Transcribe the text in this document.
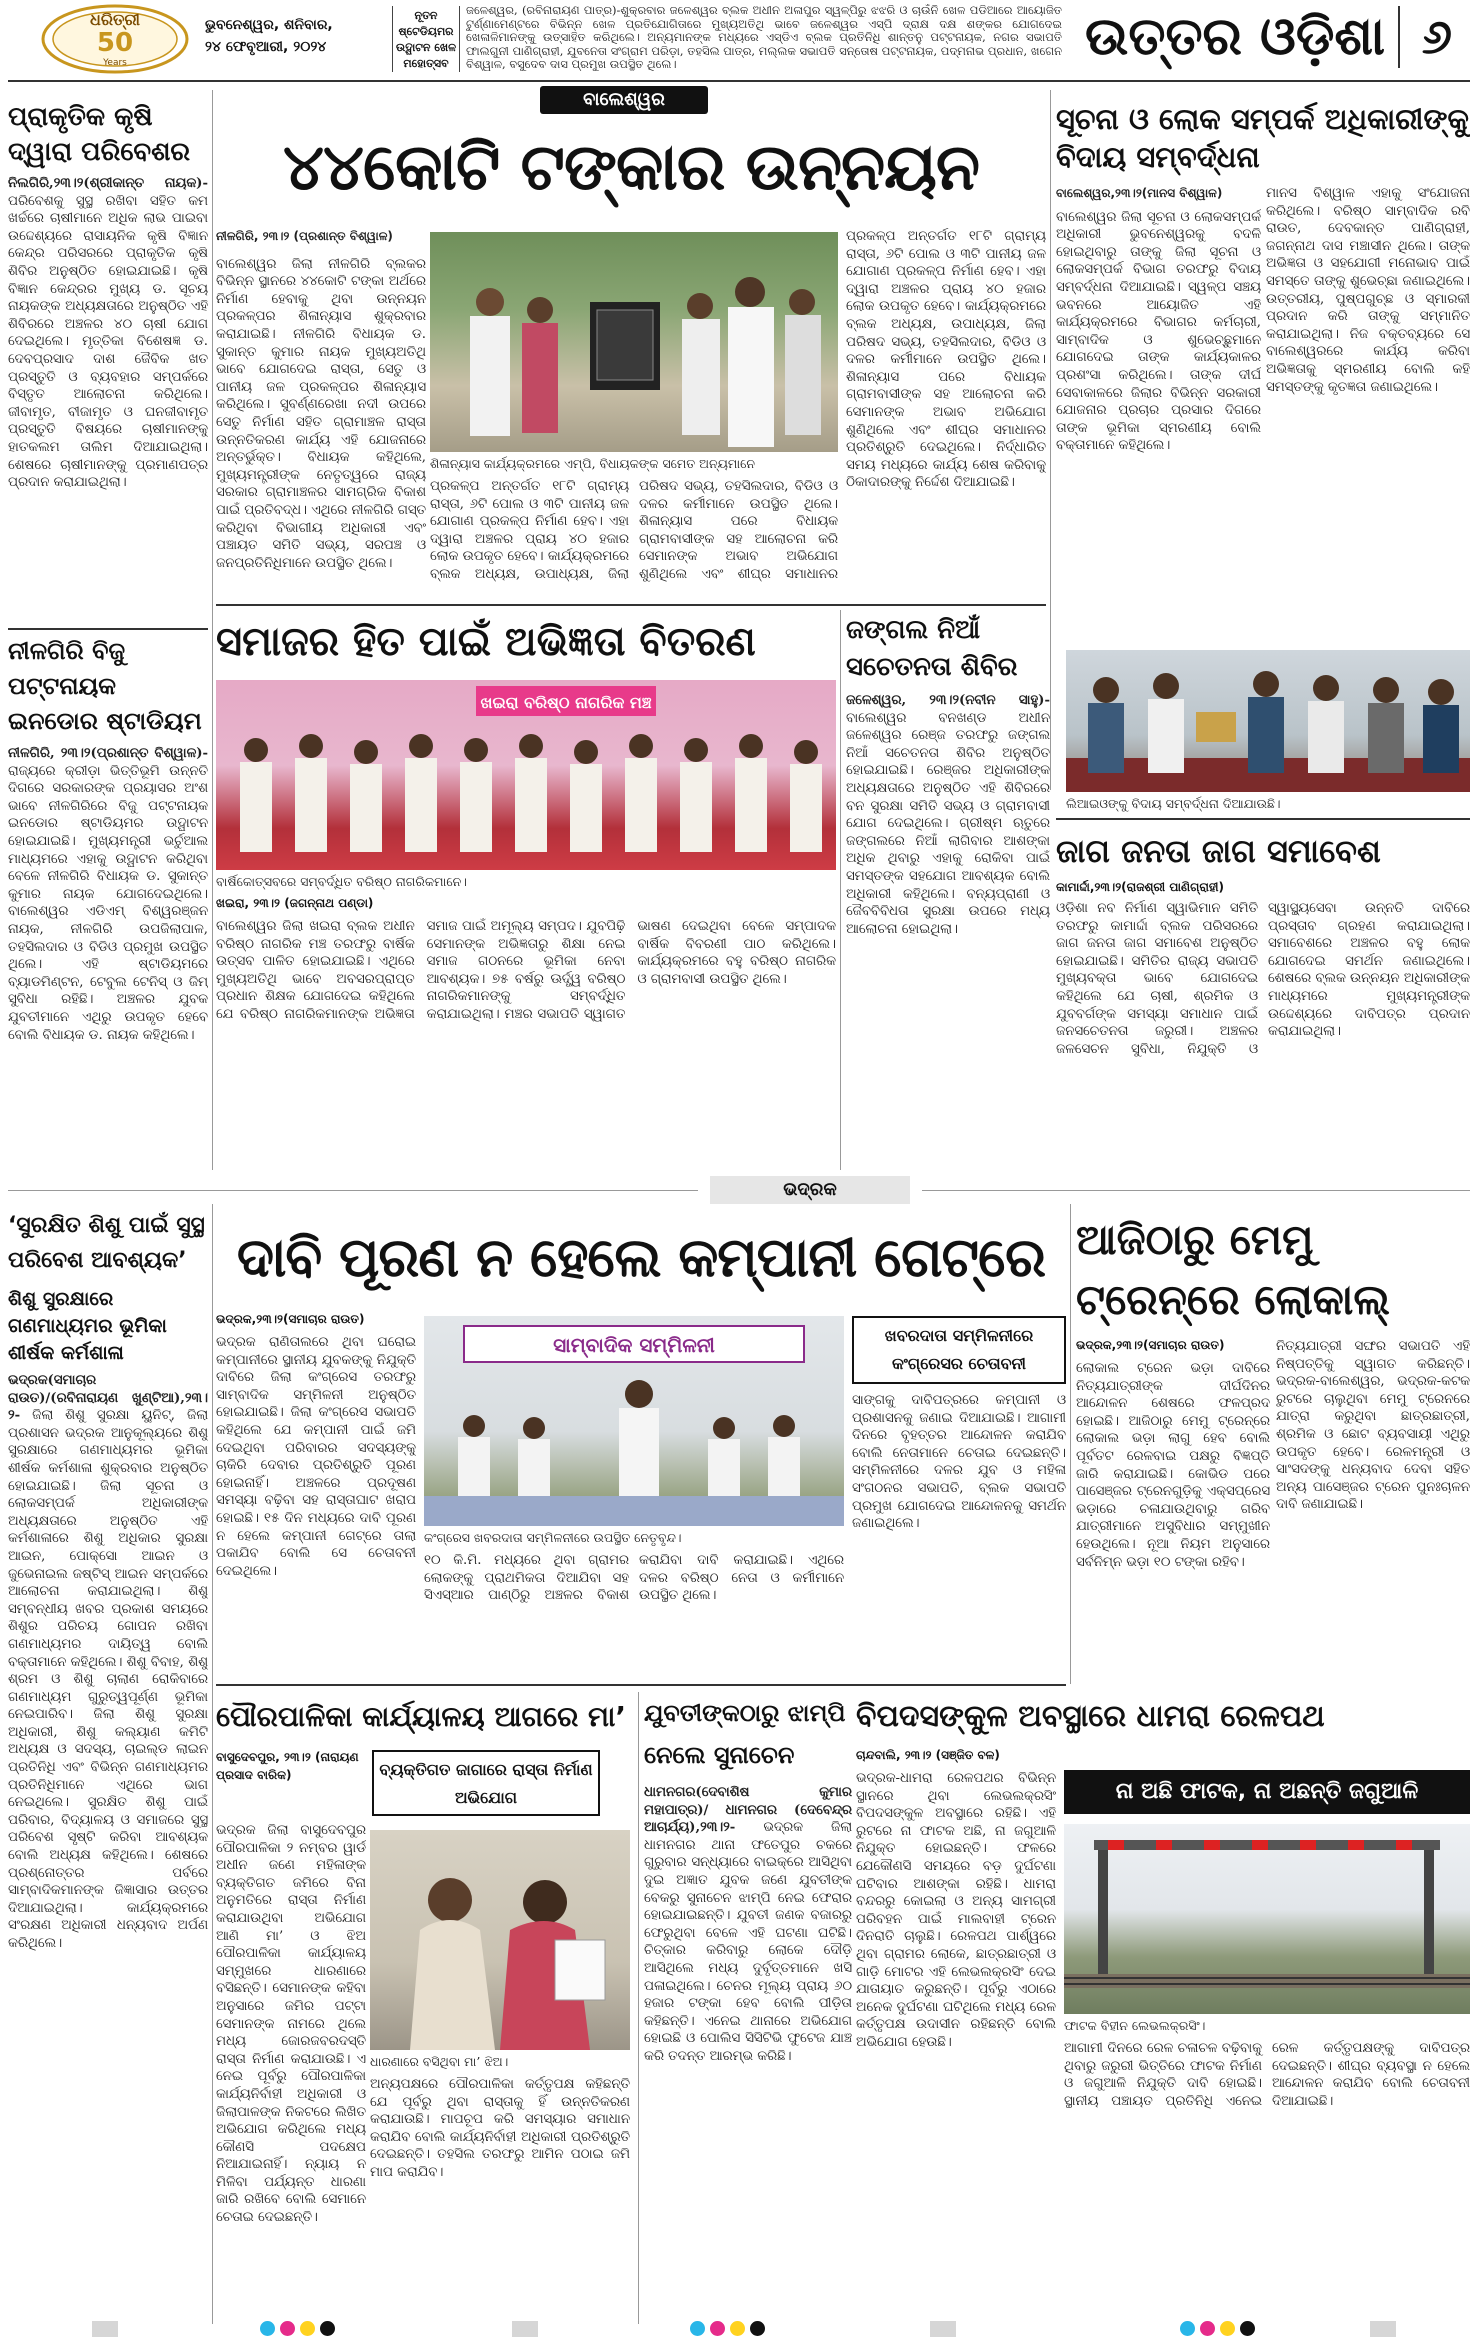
ଧରିତ୍ରୀ
50
Years
ଭୁବନେଶ୍ୱର, ଶନିବାର,
୨୪ ଫେବୃଆରୀ, ୨୦୨୪
ନୂତନ ଷ୍ଟେଡିୟମର ଉଦ୍ଘାଟନ ଖେଳ ମହୋତ୍ସବ
ଜଳେଶ୍ୱର, (ରବିନାରାୟଣ ପାତ୍ର)-ଶୁକ୍ରବାର ଜଳେଶ୍ୱର ବ୍ଲକ ଅଧୀନ ଅଳାପୁର ସ୍ୱଳ୍ପିରୁ ଝଝରି ଓ ଚାଉଁନି ଖେଳ ପଡିଆରେ ଆୟୋଜିତ ଟୁର୍ଣ୍ଣାମେଣ୍ଟରେ ବିଭିନ୍ନ ଖେଳ ପ୍ରତିଯୋଗିତାରେ ମୁଖ୍ୟଅତିଥି ଭାବେ ଜଳେଶ୍ୱର ଏସ୍‌ପି ଦ୍ରାକ୍ଷ ଦକ୍ଷ ଶଙ୍କର ଯୋଗଦେଇ ଖେଳାଳିମାନଙ୍କୁ ଉତ୍ସାହିତ କରିଥିଲେ। ଅନ୍ୟମାନଙ୍କ ମଧ୍ୟରେ ଏସ୍‌ଡିଏ ବ୍ଲକ ପ୍ରତିନିଧି ଶାନ୍ତନୁ ପଟ୍ଟନାୟକ, ନଗର ସଭାପତି ଫାଲଗୁନୀ ପାଣିଗ୍ରାହୀ, ଯୁବନେତା ସଂଗ୍ରାମ ପରିଡ଼ା, ତହସିଲ ପାତ୍ର, ମଲ୍ଲକ ସଭାପତି ସନ୍ତୋଷ ପଟ୍ଟନାୟକ, ପଦ୍ମନାଭ ପ୍ରଧାନ, ଖଗେନ ବିଶ୍ୱାଳ, ବସୁଦେବ ଦାସ ପ୍ରମୁଖ ଉପସ୍ଥିତ ଥିଲେ।	ଉତ୍ତର ଓଡ଼ିଶା ୬
ବାଲେଶ୍ୱର
ପ୍ରାକୃତିକ କୃଷି ଦ୍ୱାରା ପରିବେଶର
ନିଲଗିରି,୨୩।୨(ଶ୍ରୀକାନ୍ତ ନାୟକ)- ପରିବେଶକୁ ସୁସ୍ଥ ରଖିବା ସହିତ କମ ଖର୍ଚ୍ଚରେ ଚାଷୀମାନେ ଅଧିକ ଲାଭ ପାଇବା ଉଦ୍ଦେଶ୍ୟରେ ରାସାୟନିକ କୃଷି ବିଜ୍ଞାନ କେନ୍ଦ୍ର ପରିସରରେ ପ୍ରାକୃତିକ କୃଷି ଶିବିର ଅନୁଷ୍ଠିତ ହୋଇଯାଇଛି। କୃଷି ବିଜ୍ଞାନ କେନ୍ଦ୍ରର ମୁଖ୍ୟ ଡ. ସୂଚୟ ନାୟକଙ୍କ ଅଧ୍ୟକ୍ଷତାରେ ଅନୁଷ୍ଠିତ ଏହି ଶିବିରରେ ଅଞ୍ଚଳର ୪୦ ଚାଷୀ ଯୋଗ ଦେଇଥିଲେ। ମୃତ୍ତିକା ବିଶେଷଜ୍ଞ ଡ. ଦେବପ୍ରସାଦ ଦାଶ ଜୈବିକ ଖତ ପ୍ରସ୍ତୁତି ଓ ବ୍ୟବହାର ସମ୍ପର୍କରେ ବିସ୍ତୃତ ଆଲୋଚନା କରିଥିଲେ। ଜୀବାମୃତ, ବୀଜାମୃତ ଓ ଘନଜୀବାମୃତ ପ୍ରସ୍ତୁତି ବିଷୟରେ ଚାଷୀମାନଙ୍କୁ ହାତକଲମ ତାଲିମ ଦିଆଯାଇଥିଲା। ଶେଷରେ ଚାଷୀମାନଙ୍କୁ ପ୍ରମାଣପତ୍ର ପ୍ରଦାନ କରାଯାଇଥିଲା।
ନୀଳଗିରି ବିଜୁ ପଟ୍ଟନାୟକ ଇନଡୋର ଷ୍ଟାଡିୟମ
ନୀଳଗିରି, ୨୩।୨(ପ୍ରଶାନ୍ତ ବିଶ୍ୱାଳ)- ରାଜ୍ୟରେ କ୍ରୀଡ଼ା ଭିତ୍ତିଭୂମି ଉନ୍ନତି ଦିଗରେ ସରକାରଙ୍କ ପ୍ରୟାସର ଅଂଶ ଭାବେ ନୀଳଗିରିରେ ବିଜୁ ପଟ୍ଟନାୟକ ଇନଡୋର ଷ୍ଟାଡିୟମର ଉଦ୍ଘାଟନ ହୋଇଯାଇଛି। ମୁଖ୍ୟମନ୍ତ୍ରୀ ଭର୍ଚୁଆଲ ମାଧ୍ୟମରେ ଏହାକୁ ଉଦ୍ଘାଟନ କରିଥିବା ବେଳେ ନୀଳଗିରି ବିଧାୟକ ଡ. ସୁକାନ୍ତ କୁମାର ନାୟକ ଯୋଗଦେଇଥିଲେ। ବାଲେଶ୍ୱର ଏଡିଏମ୍ ବିଶ୍ୱରଞ୍ଜନ ନାୟକ, ନୀଳଗିରି ଉପଜିଲାପାଳ, ତହସିଲଦାର ଓ ବିଡିଓ ପ୍ରମୁଖ ଉପସ୍ଥିତ ଥିଲେ। ଏହି ଷ୍ଟାଡିୟମରେ ବ୍ୟାଡମିଣ୍ଟନ, ଟେବୁଲ ଟେନିସ୍ ଓ ଜିମ୍ ସୁବିଧା ରହିଛି। ଅଞ୍ଚଳର ଯୁବକ ଯୁବତୀମାନେ ଏଥିରୁ ଉପକୃତ ହେବେ ବୋଲି ବିଧାୟକ ଡ. ନାୟକ କହିଥିଲେ।
୪୪କୋଟି ଟଙ୍କାର ଉନ୍ନୟନ
ନୀଳଗିରି, ୨୩।୨ (ପ୍ରଶାନ୍ତ ବିଶ୍ୱାଳ)
ବାଲେଶ୍ୱର ଜିଲା ନୀଳଗିରି ବ୍ଲକର ବିଭିନ୍ନ ସ୍ଥାନରେ ୪୪କୋଟି ଟଙ୍କା ଅର୍ଥରେ ନିର୍ମାଣ ହେବାକୁ ଥିବା ଉନ୍ନୟନ ପ୍ରକଳ୍ପର ଶିଳାନ୍ୟାସ ଶୁକ୍ରବାର କରାଯାଇଛି। ନୀଳଗିରି ବିଧାୟକ ଡ. ସୁକାନ୍ତ କୁମାର ନାୟକ ମୁଖ୍ୟଅତିଥି ଭାବେ ଯୋଗଦେଇ ରାସ୍ତା, ସେତୁ ଓ ପାନୀୟ ଜଳ ପ୍ରକଳ୍ପର ଶିଳାନ୍ୟାସ କରିଥିଲେ। ସୁବର୍ଣ୍ଣରେଖା ନଦୀ ଉପରେ ସେତୁ ନିର୍ମାଣ ସହିତ ଗ୍ରାମାଞ୍ଚଳ ରାସ୍ତା ଉନ୍ନତିକରଣ କାର୍ଯ୍ୟ ଏହି ଯୋଜନାରେ ଅନ୍ତର୍ଭୁକ୍ତ। ବିଧାୟକ କହିଥିଲେ, ମୁଖ୍ୟମନ୍ତ୍ରୀଙ୍କ ନେତୃତ୍ୱରେ ରାଜ୍ୟ ସରକାର ଗ୍ରାମାଞ୍ଚଳର ସାମଗ୍ରିକ ବିକାଶ ପାଇଁ ପ୍ରତିବଦ୍ଧ। ଏଥିରେ ନୀଳଗିରି ଗସ୍ତ କରିଥିବା ବିଭାଗୀୟ ଅଧିକାରୀ ଏବଂ ପଞ୍ଚାୟତ ସମିତି ସଭ୍ୟ, ସରପଞ୍ଚ ଓ ଜନପ୍ରତିନିଧିମାନେ ଉପସ୍ଥିତ ଥିଲେ।
ଶିଳାନ୍ୟାସ କାର୍ଯ୍ୟକ୍ରମରେ ଏମ୍‌ପି, ବିଧାୟକଙ୍କ ସମେତ ଅନ୍ୟମାନେ
ପ୍ରକଳ୍ପ ଅନ୍ତର୍ଗତ ୧୮ଟି ଗ୍ରାମ୍ୟ ରାସ୍ତା, ୬ଟି ପୋଲ ଓ ୩ଟି ପାନୀୟ ଜଳ ଯୋଗାଣ ପ୍ରକଳ୍ପ ନିର୍ମାଣ ହେବ। ଏହା ଦ୍ୱାରା ଅଞ୍ଚଳର ପ୍ରାୟ ୪୦ ହଜାର ଲୋକ ଉପକୃତ ହେବେ। କାର୍ଯ୍ୟକ୍ରମରେ ବ୍ଲକ ଅଧ୍ୟକ୍ଷ, ଉପାଧ୍ୟକ୍ଷ, ଜିଲା ପରିଷଦ ସଭ୍ୟ, ତହସିଲଦାର, ବିଡିଓ ଓ ଦଳର କର୍ମୀମାନେ ଉପସ୍ଥିତ ଥିଲେ। ଶିଳାନ୍ୟାସ ପରେ ବିଧାୟକ ଗ୍ରାମବାସୀଙ୍କ ସହ ଆଲୋଚନା କରି ସେମାନଙ୍କ ଅଭାବ ଅଭିଯୋଗ ଶୁଣିଥିଲେ ଏବଂ ଶୀଘ୍ର ସମାଧାନର
ପ୍ରକଳ୍ପ ଅନ୍ତର୍ଗତ ୧୮ଟି ଗ୍ରାମ୍ୟ ରାସ୍ତା, ୬ଟି ପୋଲ ଓ ୩ଟି ପାନୀୟ ଜଳ ଯୋଗାଣ ପ୍ରକଳ୍ପ ନିର୍ମାଣ ହେବ। ଏହା ଦ୍ୱାରା ଅଞ୍ଚଳର ପ୍ରାୟ ୪୦ ହଜାର ଲୋକ ଉପକୃତ ହେବେ। କାର୍ଯ୍ୟକ୍ରମରେ ବ୍ଲକ ଅଧ୍ୟକ୍ଷ, ଉପାଧ୍ୟକ୍ଷ, ଜିଲା ପରିଷଦ ସଭ୍ୟ, ତହସିଲଦାର, ବିଡିଓ ଓ ଦଳର କର୍ମୀମାନେ ଉପସ୍ଥିତ ଥିଲେ। ଶିଳାନ୍ୟାସ ପରେ ବିଧାୟକ ଗ୍ରାମବାସୀଙ୍କ ସହ ଆଲୋଚନା କରି ସେମାନଙ୍କ ଅଭାବ ଅଭିଯୋଗ ଶୁଣିଥିଲେ ଏବଂ ଶୀଘ୍ର ସମାଧାନର ପ୍ରତିଶ୍ରୁତି ଦେଇଥିଲେ। ନିର୍ଦ୍ଧାରିତ ସମୟ ମଧ୍ୟରେ କାର୍ଯ୍ୟ ଶେଷ କରିବାକୁ ଠିକାଦାରଙ୍କୁ ନିର୍ଦ୍ଦେଶ ଦିଆଯାଇଛି।
ସୂଚନା ଓ ଲୋକ ସମ୍ପର୍କ ଅଧିକାରୀଙ୍କୁ ବିଦାୟ ସମ୍ବର୍ଦ୍ଧନା
ବାଲେଶ୍ୱର,୨୩।୨(ମାନସ ବିଶ୍ୱାଳ)
ବାଲେଶ୍ୱର ଜିଲା ସୂଚନା ଓ ଲୋକସମ୍ପର୍କ ଅଧିକାରୀ ଭୁବନେଶ୍ୱରକୁ ବଦଳି ହୋଇଥିବାରୁ ତାଙ୍କୁ ଜିଲା ସୂଚନା ଓ ଲୋକସମ୍ପର୍କ ବିଭାଗ ତରଫରୁ ବିଦାୟ ସମ୍ବର୍ଦ୍ଧନା ଦିଆଯାଇଛି। ସ୍ୱଳ୍ପ ସଞ୍ଚୟ ଭବନରେ ଆୟୋଜିତ ଏହି କାର୍ଯ୍ୟକ୍ରମରେ ବିଭାଗର କର୍ମଚାରୀ, ସାମ୍ବାଦିକ ଓ ଶୁଭେଚ୍ଛୁମାନେ ଯୋଗଦେଇ ତାଙ୍କ କାର୍ଯ୍ୟକାଳର ପ୍ରଶଂସା କରିଥିଲେ। ତାଙ୍କ ଦୀର୍ଘ ସେବାକାଳରେ ଜିଲାର ବିଭିନ୍ନ ସରକାରୀ ଯୋଜନାର ପ୍ରଚାର ପ୍ରସାର ଦିଗରେ ତାଙ୍କ ଭୂମିକା ସ୍ମରଣୀୟ ବୋଲି ବକ୍ତାମାନେ କହିଥିଲେ।
ମାନସ ବିଶ୍ୱାଳ ଏହାକୁ ସଂଯୋଜନା କରିଥିଲେ। ବରିଷ୍ଠ ସାମ୍ବାଦିକ ରବି ରାଉତ, ଦେବକାନ୍ତ ପାଣିଗ୍ରାହୀ, ଜଗନ୍ନାଥ ଦାସ ମଞ୍ଚାସୀନ ଥିଲେ। ତାଙ୍କ ଅଭିଜ୍ଞତା ଓ ସହଯୋଗୀ ମନୋଭାବ ପାଇଁ ସମସ୍ତେ ତାଙ୍କୁ ଶୁଭେଚ୍ଛା ଜଣାଇଥିଲେ। ଉତ୍ତରୀୟ, ପୁଷ୍ପଗୁଚ୍ଛ ଓ ସ୍ମାରକୀ ପ୍ରଦାନ କରି ତାଙ୍କୁ ସମ୍ମାନିତ କରାଯାଇଥିଲା। ନିଜ ବକ୍ତବ୍ୟରେ ସେ ବାଲେଶ୍ୱରରେ କାର୍ଯ୍ୟ କରିବା ଅଭିଜ୍ଞତାକୁ ସ୍ମରଣୀୟ ବୋଲି କହି ସମସ୍ତଙ୍କୁ କୃତଜ୍ଞତା ଜଣାଇଥିଲେ।
ଲିଆଇଓଙ୍କୁ ବିଦାୟ ସମ୍ବର୍ଦ୍ଧନା ଦିଆଯାଉଛି।
ସମାଜର ହିତ ପାଇଁ ଅଭିଜ୍ଞତା ବିତରଣ
ଖଇରା ବରିଷ୍ଠ ନାଗରିକ ମଞ୍ଚ
ବାର୍ଷିକୋତ୍ସବରେ ସମ୍ବର୍ଦ୍ଧିତ ବରିଷ୍ଠ ନାଗରିକମାନେ।
ଖଇରା, ୨୩।୨ (ଜଗନ୍ନାଥ ପଣ୍ଡା)
ବାଲେଶ୍ୱର ଜିଲା ଖଇରା ବ୍ଲକ ଅଧୀନ ବରିଷ୍ଠ ନାଗରିକ ମଞ୍ଚ ତରଫରୁ ବାର୍ଷିକ ଉତ୍ସବ ପାଳିତ ହୋଇଯାଇଛି। ଏଥିରେ ମୁଖ୍ୟଅତିଥି ଭାବେ ଅବସରପ୍ରାପ୍ତ ପ୍ରଧାନ ଶିକ୍ଷକ ଯୋଗଦେଇ କହିଥିଲେ ଯେ ବରିଷ୍ଠ ନାଗରିକମାନଙ୍କ ଅଭିଜ୍ଞତା ସମାଜ ପାଇଁ ଅମୂଲ୍ୟ ସମ୍ପଦ। ଯୁବପିଢ଼ି ସେମାନଙ୍କ ଅଭିଜ୍ଞତାରୁ ଶିକ୍ଷା ନେଇ ସମାଜ ଗଠନରେ ଭୂମିକା ନେବା ଆବଶ୍ୟକ। ୭୫ ବର୍ଷରୁ ଊର୍ଦ୍ଧ୍ୱ ବରିଷ୍ଠ ନାଗରିକମାନଙ୍କୁ ସମ୍ବର୍ଦ୍ଧିତ କରାଯାଇଥିଲା। ମଞ୍ଚର ସଭାପତି ସ୍ୱାଗତ ଭାଷଣ ଦେଇଥିବା ବେଳେ ସମ୍ପାଦକ ବାର୍ଷିକ ବିବରଣୀ ପାଠ କରିଥିଲେ। କାର୍ଯ୍ୟକ୍ରମରେ ବହୁ ବରିଷ୍ଠ ନାଗରିକ ଓ ଗ୍ରାମବାସୀ ଉପସ୍ଥିତ ଥିଲେ।
ଜଙ୍ଗଲ ନିଆଁ ସଚେତନତା ଶିବିର
ଜଳେଶ୍ୱର, ୨୩।୨(ନବୀନ ସାହୁ)- ବାଲେଶ୍ୱର ବନଖଣ୍ଡ ଅଧୀନ ଜଳେଶ୍ୱର ରେଞ୍ଜ ତରଫରୁ ଜଙ୍ଗଲ ନିଆଁ ସଚେତନତା ଶିବିର ଅନୁଷ୍ଠିତ ହୋଇଯାଇଛି। ରେଞ୍ଜର ଅଧିକାରୀଙ୍କ ଅଧ୍ୟକ୍ଷତାରେ ଅନୁଷ୍ଠିତ ଏହି ଶିବିରରେ ବନ ସୁରକ୍ଷା ସମିତି ସଭ୍ୟ ଓ ଗ୍ରାମବାସୀ ଯୋଗ ଦେଇଥିଲେ। ଗ୍ରୀଷ୍ମ ଋତୁରେ ଜଙ୍ଗଲରେ ନିଆଁ ଲାଗିବାର ଆଶଙ୍କା ଅଧିକ ଥିବାରୁ ଏହାକୁ ରୋକିବା ପାଇଁ ସମସ୍ତଙ୍କ ସହଯୋଗ ଆବଶ୍ୟକ ବୋଲି ଅଧିକାରୀ କହିଥିଲେ। ବନ୍ୟପ୍ରାଣୀ ଓ ଜୈବବିବିଧତା ସୁରକ୍ଷା ଉପରେ ମଧ୍ୟ ଆଲୋଚନା ହୋଇଥିଲା।
ଜାଗ ଜନତା ଜାଗ ସମାବେଶ
କାମାର୍ଦ୍ଦା,୨୩।୨(ରାଜଶ୍ରୀ ପାଣିଗ୍ରାହୀ)
ଓଡ଼ିଶା ନବ ନିର୍ମାଣ ସ୍ୱାଭିମାନ ସମିତି ତରଫରୁ କାମାର୍ଦ୍ଦା ବ୍ଲକ ପରିସରରେ ଜାଗ ଜନତା ଜାଗ ସମାବେଶ ଅନୁଷ୍ଠିତ ହୋଇଯାଇଛି। ସମିତିର ରାଜ୍ୟ ସଭାପତି ମୁଖ୍ୟବକ୍ତା ଭାବେ ଯୋଗଦେଇ କହିଥିଲେ ଯେ ଚାଷୀ, ଶ୍ରମିକ ଓ ଯୁବବର୍ଗଙ୍କ ସମସ୍ୟା ସମାଧାନ ପାଇଁ ଜନସଚେତନତା ଜରୁରୀ। ଅଞ୍ଚଳର ଜଳସେଚନ ସୁବିଧା, ନିଯୁକ୍ତି ଓ ସ୍ୱାସ୍ଥ୍ୟସେବା ଉନ୍ନତି ଦାବିରେ ପ୍ରସ୍ତାବ ଗ୍ରହଣ କରାଯାଇଥିଲା। ସମାବେଶରେ ଅଞ୍ଚଳର ବହୁ ଲୋକ ଯୋଗଦେଇ ସମର୍ଥନ ଜଣାଇଥିଲେ। ଶେଷରେ ବ୍ଲକ ଉନ୍ନୟନ ଅଧିକାରୀଙ୍କ ମାଧ୍ୟମରେ ମୁଖ୍ୟମନ୍ତ୍ରୀଙ୍କ ଉଦ୍ଦେଶ୍ୟରେ ଦାବିପତ୍ର ପ୍ରଦାନ କରାଯାଇଥିଲା।
ଭଦ୍ରକ
‘ସୁରକ୍ଷିତ ଶିଶୁ ପାଇଁ ସୁସ୍ଥ ପରିବେଶ ଆବଶ୍ୟକ’
ଶିଶୁ ସୁରକ୍ଷାରେ ଗଣମାଧ୍ୟମର ଭୂମିକା ଶୀର୍ଷକ କର୍ମଶାଳା
ଭଦ୍ରକ(ସମାଚାର ରାଉତ)/(ରବିନାରାୟଣ ଖୁଣ୍ଟିଆ),୨୩।୨- ଜିଲା ଶିଶୁ ସୁରକ୍ଷା ୟୁନିଟ୍, ଜିଲା ପ୍ରଶାସନ ଭଦ୍ରକ ଆନୁକୂଲ୍ୟରେ ଶିଶୁ ସୁରକ୍ଷାରେ ଗଣମାଧ୍ୟମର ଭୂମିକା ଶୀର୍ଷକ କର୍ମଶାଳା ଶୁକ୍ରବାର ଅନୁଷ୍ଠିତ ହୋଇଯାଇଛି। ଜିଲା ସୂଚନା ଓ ଲୋକସମ୍ପର୍କ ଅଧିକାରୀଙ୍କ ଅଧ୍ୟକ୍ଷତାରେ ଅନୁଷ୍ଠିତ ଏହି କର୍ମଶାଳାରେ ଶିଶୁ ଅଧିକାର ସୁରକ୍ଷା ଆଇନ, ପୋକ୍ସୋ ଆଇନ ଓ ଜୁଭେନାଇଲ ଜଷ୍ଟିସ୍ ଆଇନ ସମ୍ପର୍କରେ ଆଲୋଚନା କରାଯାଇଥିଲା। ଶିଶୁ ସମ୍ବନ୍ଧୀୟ ଖବର ପ୍ରକାଶ ସମୟରେ ଶିଶୁର ପରିଚୟ ଗୋପନ ରଖିବା ଗଣମାଧ୍ୟମର ଦାୟିତ୍ୱ ବୋଲି ବକ୍ତାମାନେ କହିଥିଲେ। ଶିଶୁ ବିବାହ, ଶିଶୁ ଶ୍ରମ ଓ ଶିଶୁ ଚାଲାଣ ରୋକିବାରେ ଗଣମାଧ୍ୟମ ଗୁରୁତ୍ୱପୂର୍ଣ୍ଣ ଭୂମିକା ନେଇପାରିବ। ଜିଲା ଶିଶୁ ସୁରକ୍ଷା ଅଧିକାରୀ, ଶିଶୁ କଲ୍ୟାଣ କମିଟି ଅଧ୍ୟକ୍ଷ ଓ ସଦସ୍ୟ, ଚାଇଲ୍ଡ ଲାଇନ ପ୍ରତିନିଧି ଏବଂ ବିଭିନ୍ନ ଗଣମାଧ୍ୟମର ପ୍ରତିନିଧିମାନେ ଏଥିରେ ଭାଗ ନେଇଥିଲେ। ସୁରକ୍ଷିତ ଶିଶୁ ପାଇଁ ପରିବାର, ବିଦ୍ୟାଳୟ ଓ ସମାଜରେ ସୁସ୍ଥ ପରିବେଶ ସୃଷ୍ଟି କରିବା ଆବଶ୍ୟକ ବୋଲି ଅଧ୍ୟକ୍ଷ କହିଥିଲେ। ଶେଷରେ ପ୍ରଶ୍ନୋତ୍ତର ପର୍ବରେ ସାମ୍ବାଦିକମାନଙ୍କ ଜିଜ୍ଞାସାର ଉତ୍ତର ଦିଆଯାଇଥିଲା। କାର୍ଯ୍ୟକ୍ରମରେ ସଂରକ୍ଷଣ ଅଧିକାରୀ ଧନ୍ୟବାଦ ଅର୍ପଣ କରିଥିଲେ।
ଦାବି ପୂରଣ ନ ହେଲେ କମ୍ପାନୀ ଗେଟ୍‌ରେ
ଭଦ୍ରକ,୨୩।୨(ସମାଚାର ରାଉତ)
ଭଦ୍ରକ ରାଣିତାଲରେ ଥିବା ଘରୋଇ କମ୍ପାନୀରେ ସ୍ଥାନୀୟ ଯୁବକଙ୍କୁ ନିଯୁକ୍ତି ଦାବିରେ ଜିଲା କଂଗ୍ରେସ ତରଫରୁ ସାମ୍ବାଦିକ ସମ୍ମିଳନୀ ଅନୁଷ୍ଠିତ ହୋଇଯାଇଛି। ଜିଲା କଂଗ୍ରେସ ସଭାପତି କହିଥିଲେ ଯେ କମ୍ପାନୀ ପାଇଁ ଜମି ଦେଇଥିବା ପରିବାରର ସଦସ୍ୟଙ୍କୁ ଚାକିରି ଦେବାର ପ୍ରତିଶ୍ରୁତି ପୂରଣ ହୋଇନାହିଁ। ଅଞ୍ଚଳରେ ପ୍ରଦୂଷଣ ସମସ୍ୟା ବଢ଼ିବା ସହ ରାସ୍ତାଘାଟ ଖରାପ ହୋଇଛି। ୧୫ ଦିନ ମଧ୍ୟରେ ଦାବି ପୂରଣ ନ ହେଲେ କମ୍ପାନୀ ଗେଟ୍‌ରେ ତାଲା ପକାଯିବ ବୋଲି ସେ ଚେତାବନୀ ଦେଇଥିଲେ।
ସାମ୍ବାଦିକ ସମ୍ମିଳନୀ	ଖବରଦାତା ସମ୍ମିଳନୀରେ କଂଗ୍ରେସର ଚେତାବନୀ
ସାଙ୍ଗକୁ ଦାବିପତ୍ରରେ କମ୍ପାନୀ ଓ ପ୍ରଶାସନକୁ ଜଣାଇ ଦିଆଯାଇଛି। ଆଗାମୀ ଦିନରେ ବୃହତ୍ତର ଆନ୍ଦୋଳନ କରାଯିବ ବୋଲି ନେତାମାନେ ଚେତାଇ ଦେଇଛନ୍ତି। ସମ୍ମିଳନୀରେ ଦଳର ଯୁବ ଓ ମହିଳା ସଂଗଠନର ସଭାପତି, ବ୍ଲକ ସଭାପତି ପ୍ରମୁଖ ଯୋଗଦେଇ ଆନ୍ଦୋଳନକୁ ସମର୍ଥନ ଜଣାଇଥିଲେ।
କଂଗ୍ରେସ ଖବରଦାତା ସମ୍ମିଳନୀରେ ଉପସ୍ଥିତ ନେତୃବୃନ୍ଦ।
୧୦ କି.ମି. ମଧ୍ୟରେ ଥିବା ଗ୍ରାମର ଲୋକଙ୍କୁ ପ୍ରାଥମିକତା ଦିଆଯିବା ସହ ସିଏସ୍‌ଆର ପାଣ୍ଠିରୁ ଅଞ୍ଚଳର ବିକାଶ କରାଯିବା ଦାବି କରାଯାଇଛି। ଏଥିରେ ଦଳର ବରିଷ୍ଠ ନେତା ଓ କର୍ମୀମାନେ ଉପସ୍ଥିତ ଥିଲେ।
ଆଜିଠାରୁ ମେମୁ ଟ୍ରେନ୍‌ରେ ଲୋକାଲ୍
ଭଦ୍ରକ,୨୩।୨(ସମାଚାର ରାଉତ)
ଲୋକାଲ ଟ୍ରେନ ଭଡ଼ା ଦାବିରେ ନିତ୍ୟଯାତ୍ରୀଙ୍କ ଦୀର୍ଘଦିନର ଆନ୍ଦୋଳନ ଶେଷରେ ଫଳପ୍ରଦ ହୋଇଛି। ଆଜିଠାରୁ ମେମୁ ଟ୍ରେନ୍‌ରେ ଲୋକାଲ ଭଡ଼ା ଲାଗୁ ହେବ ବୋଲି ପୂର୍ବତଟ ରେଳବାଇ ପକ୍ଷରୁ ବିଜ୍ଞପ୍ତି ଜାରି କରାଯାଇଛି। କୋଭିଡ ପରେ ପାସେଞ୍ଜର ଟ୍ରେନଗୁଡ଼ିକୁ ଏକ୍ସପ୍ରେସ ଭଡ଼ାରେ ଚଳାଯାଉଥିବାରୁ ଗରିବ ଯାତ୍ରୀମାନେ ଅସୁବିଧାର ସମ୍ମୁଖୀନ ହେଉଥିଲେ। ନୂଆ ନିୟମ ଅନୁସାରେ ସର୍ବନିମ୍ନ ଭଡ଼ା ୧୦ ଟଙ୍କା ରହିବ।
ନିତ୍ୟଯାତ୍ରୀ ସଙ୍ଘର ସଭାପତି ଏହି ନିଷ୍ପତ୍ତିକୁ ସ୍ୱାଗତ କରିଛନ୍ତି। ଭଦ୍ରକ-ବାଲେଶ୍ୱର, ଭଦ୍ରକ-କଟକ ରୁଟରେ ଚାଲୁଥିବା ମେମୁ ଟ୍ରେନରେ ଯାତ୍ରା କରୁଥିବା ଛାତ୍ରଛାତ୍ରୀ, ଶ୍ରମିକ ଓ ଛୋଟ ବ୍ୟବସାୟୀ ଏଥିରୁ ଉପକୃତ ହେବେ। ରେଳମନ୍ତ୍ରୀ ଓ ସାଂସଦଙ୍କୁ ଧନ୍ୟବାଦ ଦେବା ସହିତ ଅନ୍ୟ ପାସେଞ୍ଜର ଟ୍ରେନ ପୁନଃଚାଳନ ଦାବି ଜଣାଯାଇଛି।
ପୌରପାଳିକା କାର୍ଯ୍ୟାଳୟ ଆଗରେ ମା’
ବାସୁଦେବପୁର, ୨୩।୨ (ନାରାୟଣ ପ୍ରସାଦ ବାରିକ)	ବ୍ୟକ୍ତିଗତ ଜାଗାରେ ରାସ୍ତା ନିର୍ମାଣ ଅଭିଯୋଗ
ଭଦ୍ରକ ଜିଲା ବାସୁଦେବପୁର ପୌରପାଳିକା ୨ ନମ୍ବର ୱାର୍ଡ ଅଧୀନ ଜଣେ ମହିଳାଙ୍କ ବ୍ୟକ୍ତିଗତ ଜମିରେ ବିନା ଅନୁମତିରେ ରାସ୍ତା ନିର୍ମାଣ କରାଯାଉଥିବା ଅଭିଯୋଗ ଆଣି ମା’ ଓ ଝିଅ ପୌରପାଳିକା କାର୍ଯ୍ୟାଳୟ ସମ୍ମୁଖରେ ଧାରଣାରେ ବସିଛନ୍ତି। ସେମାନଙ୍କ କହିବା ଅନୁସାରେ ଜମିର ପଟ୍ଟା ସେମାନଙ୍କ ନାମରେ ଥିଲେ ମଧ୍ୟ ଜୋରଜବରଦସ୍ତି ରାସ୍ତା ନିର୍ମାଣ କରାଯାଉଛି। ଏ ନେଇ ପୂର୍ବରୁ ପୌରପାଳିକା କାର୍ଯ୍ୟନିର୍ବାହୀ ଅଧିକାରୀ ଓ ଜିଲାପାଳଙ୍କ ନିକଟରେ ଲିଖିତ ଅଭିଯୋଗ କରିଥିଲେ ମଧ୍ୟ କୌଣସି ପଦକ୍ଷେପ ନିଆଯାଇନାହିଁ। ନ୍ୟାୟ ନ ମିଳିବା ପର୍ଯ୍ୟନ୍ତ ଧାରଣା ଜାରି ରଖିବେ ବୋଲି ସେମାନେ ଚେତାଇ ଦେଇଛନ୍ତି।
ଧାରଣାରେ ବସିଥିବା ମା’ ଝିଅ।
ଅନ୍ୟପକ୍ଷରେ ପୌରପାଳିକା କର୍ତ୍ତୃପକ୍ଷ କହିଛନ୍ତି ଯେ ପୂର୍ବରୁ ଥିବା ରାସ୍ତାକୁ ହିଁ ଉନ୍ନତିକରଣ କରାଯାଉଛି। ମାପଚୂପ କରି ସମସ୍ୟାର ସମାଧାନ କରାଯିବ ବୋଲି କାର୍ଯ୍ୟନିର୍ବାହୀ ଅଧିକାରୀ ପ୍ରତିଶ୍ରୁତି ଦେଇଛନ୍ତି। ତହସିଲ ତରଫରୁ ଆମିନ ପଠାଇ ଜମି ମାପ କରାଯିବ।
ଯୁବତୀଙ୍କଠାରୁ ଝାମ୍ପି ନେଲେ ସୁନାଚେନ
ଧାମନଗର(ଦେବାଶିଷ କୁମାର ମହାପାତ୍ର)/ ଧାମନଗର (ଦେବେନ୍ଦ୍ର ଆଚାର୍ଯ୍ୟ),୨୩।୨- ଭଦ୍ରକ ଜିଲା ଧାମନଗର ଥାନା ଫତେପୁର ଚକରେ ଗୁରୁବାର ସନ୍ଧ୍ୟାରେ ବାଇକ୍‌ରେ ଆସିଥିବା ଦୁଇ ଅଜ୍ଞାତ ଯୁବକ ଜଣେ ଯୁବତୀଙ୍କ ବେକରୁ ସୁନାଚେନ ଝାମ୍ପି ନେଇ ଫେରାର ହୋଇଯାଇଛନ୍ତି। ଯୁବତୀ ଜଣକ ବଜାରରୁ ଫେରୁଥିବା ବେଳେ ଏହି ଘଟଣା ଘଟିଛି। ଚିତ୍କାର କରିବାରୁ ଲୋକେ ଦୌଡ଼ି ଆସିଥିଲେ ମଧ୍ୟ ଦୁର୍ବୃତ୍ତମାନେ ଖସି ପଳାଇଥିଲେ। ଚେନର ମୂଲ୍ୟ ପ୍ରାୟ ୬୦ ହଜାର ଟଙ୍କା ହେବ ବୋଲି ପୀଡ଼ିତା କହିଛନ୍ତି। ଏନେଇ ଥାନାରେ ଅଭିଯୋଗ ହୋଇଛି ଓ ପୋଲିସ ସିସିଟିଭି ଫୁଟେଜ ଯାଞ୍ଚ କରି ତଦନ୍ତ ଆରମ୍ଭ କରିଛି।
ବିପଦସଙ୍କୁଳ ଅବସ୍ଥାରେ ଧାମରା ରେଳପଥ
ଚାନ୍ଦବାଲି, ୨୩।୨ (ସଞ୍ଜିତ ବଳ)
ଭଦ୍ରକ-ଧାମରା ରେଳପଥର ବିଭିନ୍ନ ସ୍ଥାନରେ ଥିବା ଲେଭଲକ୍ରସିଂ ବିପଦସଙ୍କୁଳ ଅବସ୍ଥାରେ ରହିଛି। ଏହି ରୁଟରେ ନା ଫାଟକ ଅଛି, ନା ଜଗୁଆଳି ନିଯୁକ୍ତ ହୋଇଛନ୍ତି। ଫଳରେ ଯେକୌଣସି ସମୟରେ ବଡ଼ ଦୁର୍ଘଟଣା ଘଟିବାର ଆଶଙ୍କା ରହିଛି। ଧାମରା ବନ୍ଦରରୁ କୋଇଲା ଓ ଅନ୍ୟ ସାମଗ୍ରୀ ପରିବହନ ପାଇଁ ମାଲବାହୀ ଟ୍ରେନ ଦିନରାତି ଚାଲୁଛି। ରେଳପଥ ପାର୍ଶ୍ୱରେ ଥିବା ଗ୍ରାମର ଲୋକେ, ଛାତ୍ରଛାତ୍ରୀ ଓ ଗାଡ଼ି ମୋଟର ଏହି ଲେଭଲକ୍ରସିଂ ଦେଇ ଯାତାୟାତ କରୁଛନ୍ତି। ପୂର୍ବରୁ ଏଠାରେ ଅନେକ ଦୁର୍ଘଟଣା ଘଟିଥିଲେ ମଧ୍ୟ ରେଳ କର୍ତ୍ତୃପକ୍ଷ ଉଦାସୀନ ରହିଛନ୍ତି ବୋଲି ଅଭିଯୋଗ ହେଉଛି।
ନା ଅଛି ଫାଟକ, ନା ଅଛନ୍ତି ଜଗୁଆଳି
ଫାଟକ ବିହୀନ ଲେଭଲକ୍ରସିଂ।
ଆଗାମୀ ଦିନରେ ରେଳ ଚଳାଚଳ ବଢ଼ିବାକୁ ଥିବାରୁ ଜରୁରୀ ଭିତ୍ତିରେ ଫାଟକ ନିର୍ମାଣ ଓ ଜଗୁଆଳି ନିଯୁକ୍ତି ଦାବି ହୋଇଛି। ସ୍ଥାନୀୟ ପଞ୍ଚାୟତ ପ୍ରତିନିଧି ଏନେଇ ରେଳ କର୍ତ୍ତୃପକ୍ଷଙ୍କୁ ଦାବିପତ୍ର ଦେଇଛନ୍ତି। ଶୀଘ୍ର ବ୍ୟବସ୍ଥା ନ ହେଲେ ଆନ୍ଦୋଳନ କରାଯିବ ବୋଲି ଚେତାବନୀ ଦିଆଯାଇଛି।
